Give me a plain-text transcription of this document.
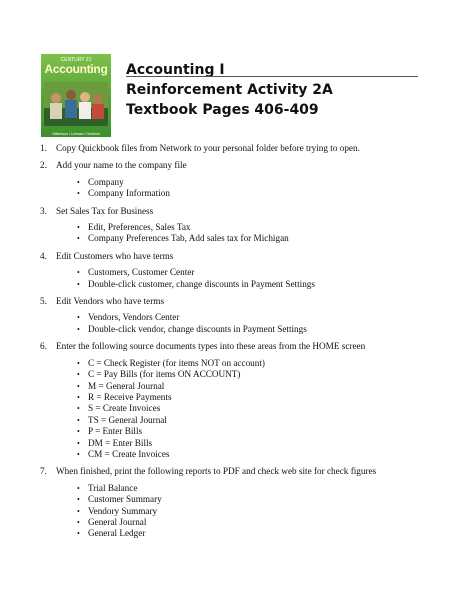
CENTURY 21
Accounting
Gilbertson / Lehman / Gentene
Accounting I
Reinforcement Activity 2A
Textbook Pages 406-409
1. Copy Quickbook files from Network to your personal folder before trying to open.
2. Add your name to the company file
• Company
• Company Information
3. Set Sales Tax for Business
• Edit, Preferences, Sales Tax
• Company Preferences Tab, Add sales tax for Michigan
4. Edit Customers who have terms
• Customers, Customer Center
• Double-click customer, change discounts in Payment Settings
5. Edit Vendors who have terms
• Vendors, Vendors Center
• Double-click vendor, change discounts in Payment Settings
6. Enter the following source documents types into these areas from the HOME screen
• C = Check Register (for items NOT on account)
• C = Pay Bills (for items ON ACCOUNT)
• M = General Journal
• R = Receive Payments
• S = Create Invoices
• TS = General Journal
• P = Enter Bills
• DM = Enter Bills
• CM = Create Invoices
7. When finished, print the following reports to PDF and check web site for check figures
• Trial Balance
• Customer Summary
• Vendory Summary
• General Journal
• General Ledger
